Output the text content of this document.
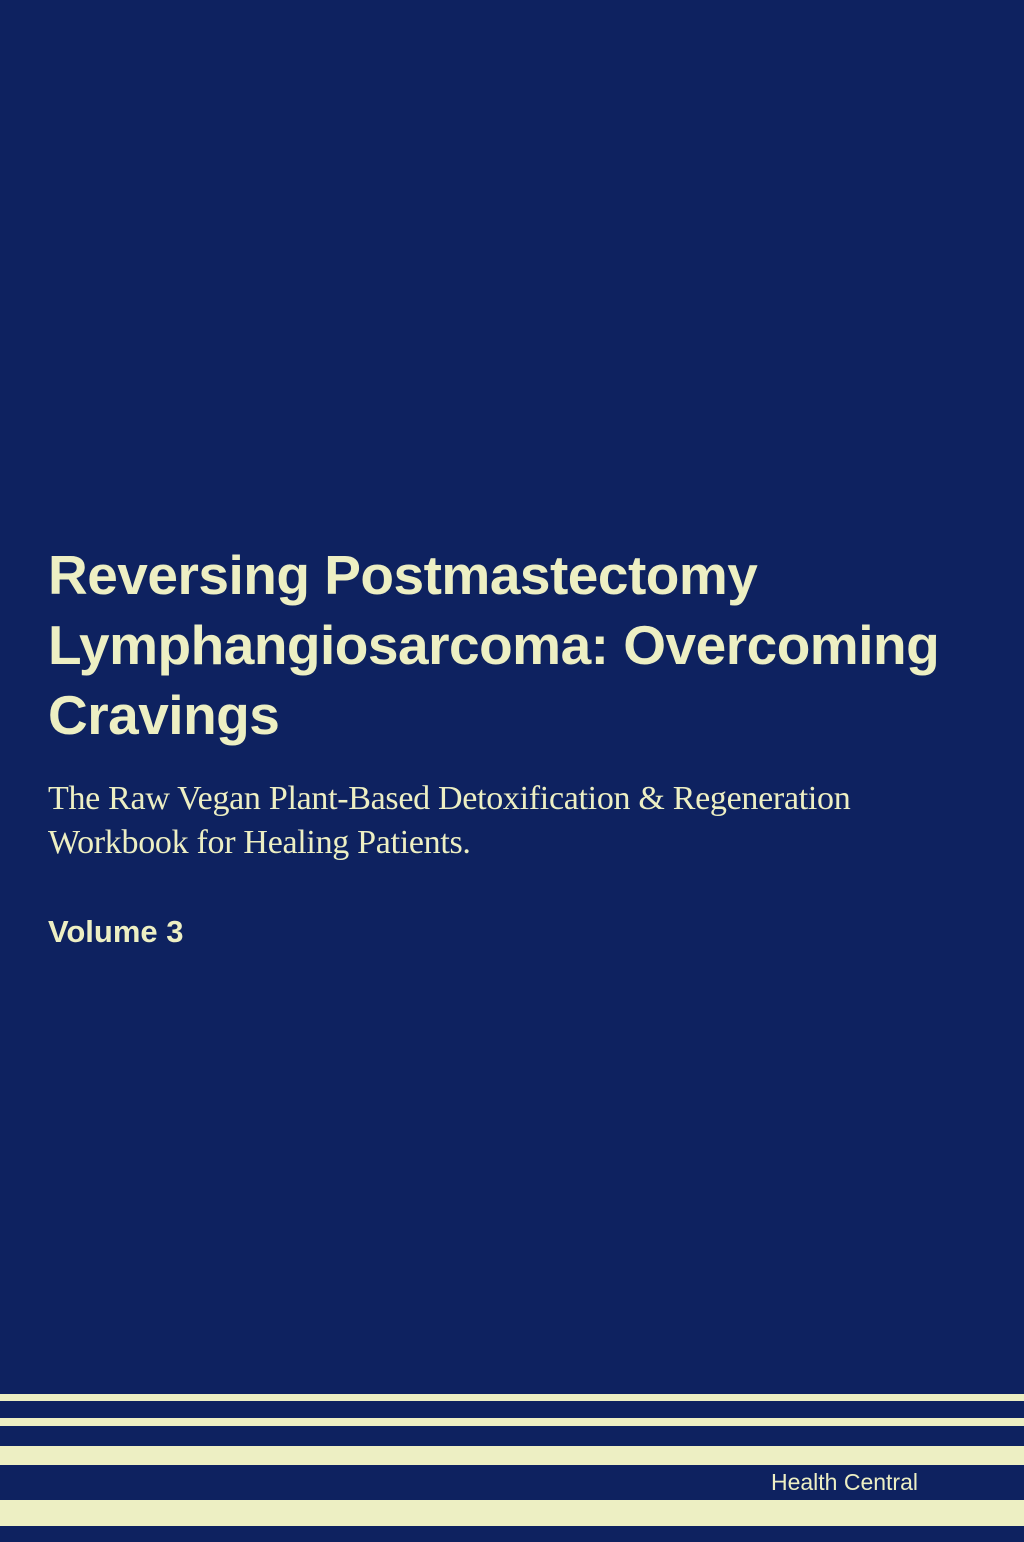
Reversing Postmastectomy
Lymphangiosarcoma: Overcoming
Cravings
The Raw Vegan Plant-Based Detoxification & Regeneration
Workbook for Healing Patients.
Volume 3
Health Central
